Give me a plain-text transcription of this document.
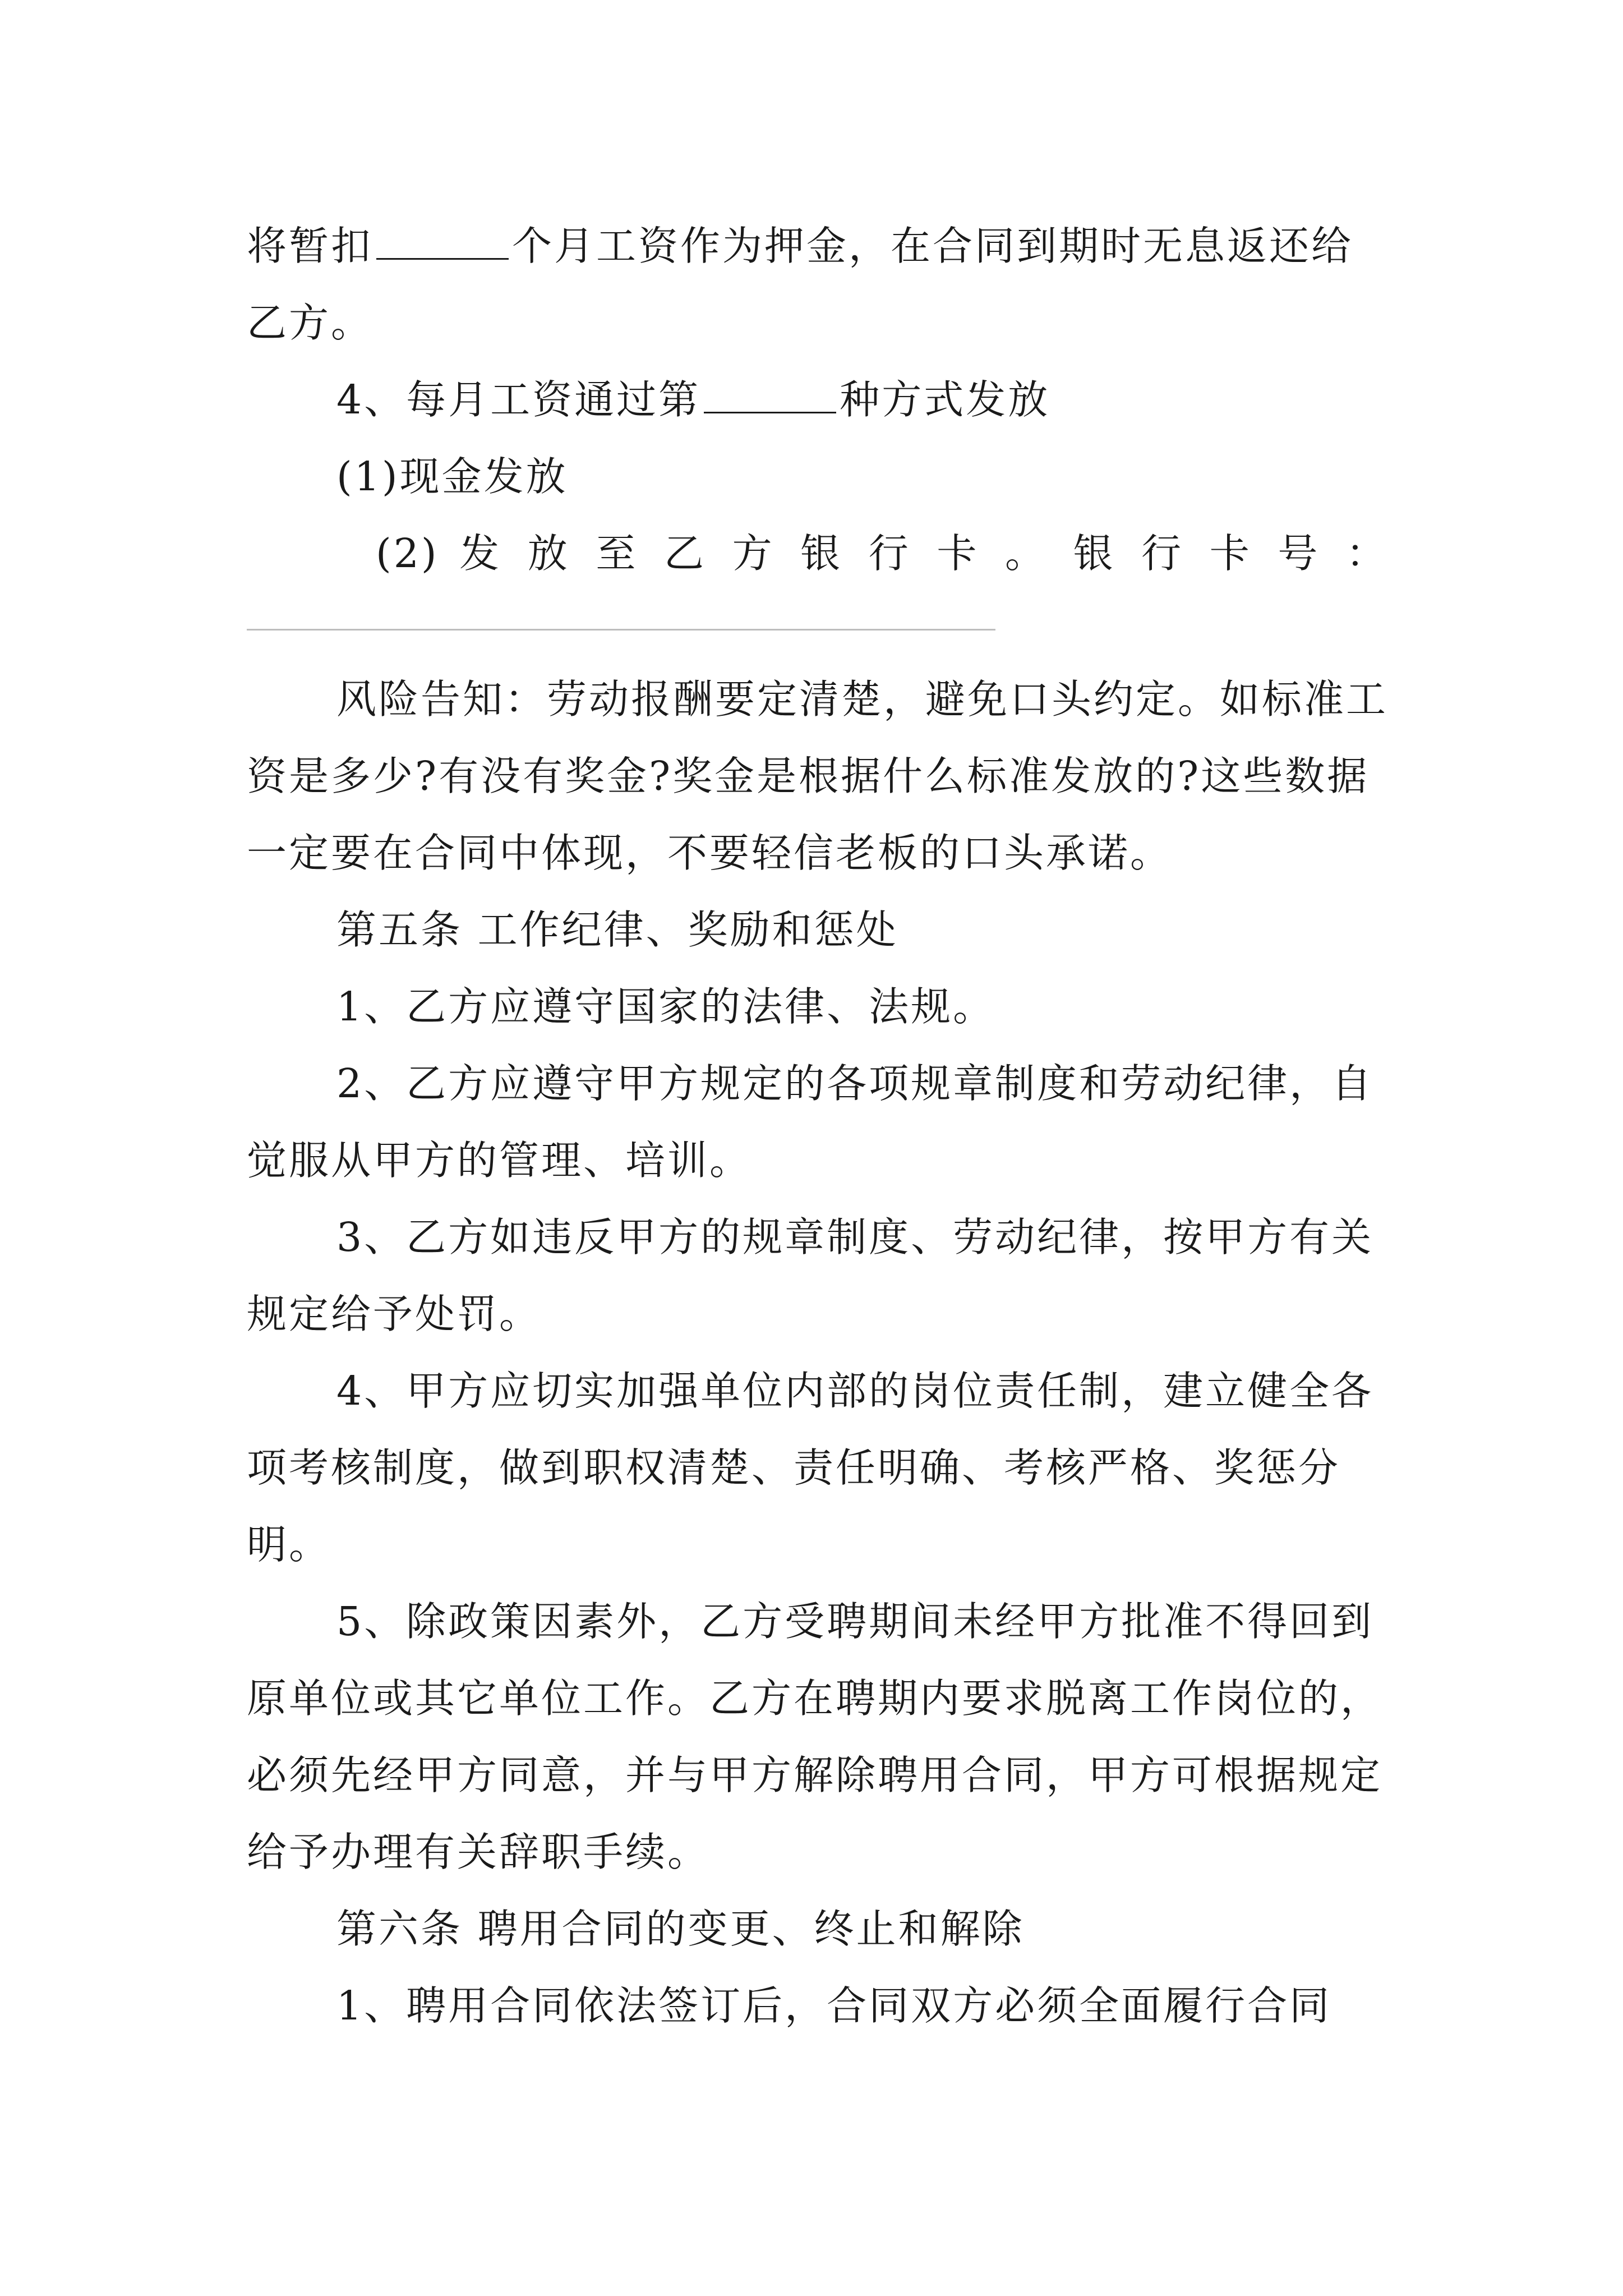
将暂扣	个月工资作为押金，在合同到期时无息返还给

乙方。

4、每月工资通过第	种方式发放

(1)现金发放

(2) 发 放 至 乙 方 银 行 卡 。 银 行 卡 号 ：

风险告知：劳动报酬要定清楚，避免口头约定。如标准工资是多少?有没有奖金?奖金是根据什么标准发放的?这些数据一定要在合同中体现，不要轻信老板的口头承诺。

第五条 工作纪律、奖励和惩处

1、乙方应遵守国家的法律、法规。

2、乙方应遵守甲方规定的各项规章制度和劳动纪律，自觉服从甲方的管理、培训。

3、乙方如违反甲方的规章制度、劳动纪律，按甲方有关规定给予处罚。

4、甲方应切实加强单位内部的岗位责任制，建立健全各项考核制度，做到职权清楚、责任明确、考核严格、奖惩分明。

5、除政策因素外，乙方受聘期间未经甲方批准不得回到原单位或其它单位工作。乙方在聘期内要求脱离工作岗位的，必须先经甲方同意，并与甲方解除聘用合同，甲方可根据规定给予办理有关辞职手续。

第六条 聘用合同的变更、终止和解除

1、聘用合同依法签订后，合同双方必须全面履行合同
